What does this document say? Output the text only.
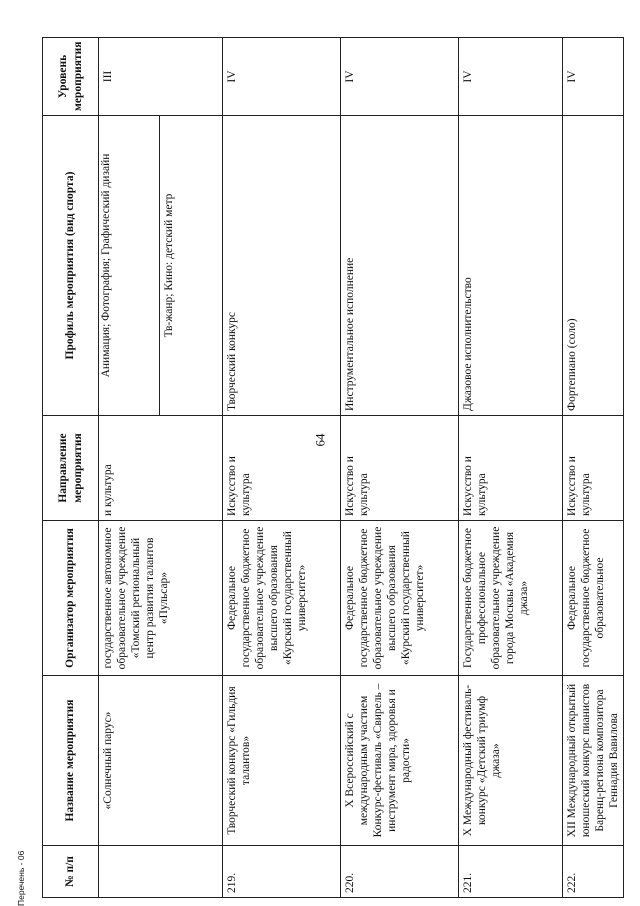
64
№ п/п	Название мероприятия	Организатор мероприятия	Направление мероприятия	Профиль мероприятия (вид спорта)	Уровень мероприятия
	«Солнечный парус»	государственное автономное образовательное учреждение «Томский региональный центр развития талантов «Пульсар»	и культура	Анимация; Фотография; Графический дизайн Тв-жанр; Кино: детский метр	III
219.	Творческий конкурс «Гильдия талантов»	Федеральное государственное бюджетное образовательное учреждение высшего образования «Курский государственный университет»	Искусство и культура	Творческий конкурс	IV
220.	X Всероссийский с международным участием Конкурс-фестиваль «Свирель – инструмент мира, здоровья и радости»	Федеральное государственное бюджетное образовательное учреждение высшего образования «Курский государственный университет»	Искусство и культура	Инструментальное исполнение	IV
221.	X Международный фестиваль-конкурс «Детский триумф джаза»	Государственное бюджетное профессиональное образовательное учреждение города Москвы «Академия джаза»	Искусство и культура	Джазовое исполнительство	IV
222.	XII Международный открытый юношеский конкурс пианистов Баренц-региона композитора Геннадия Вавилова	Федеральное государственное бюджетное образовательное	Искусство и культура	Фортепиано (соло)	IV
Перечень - 06
